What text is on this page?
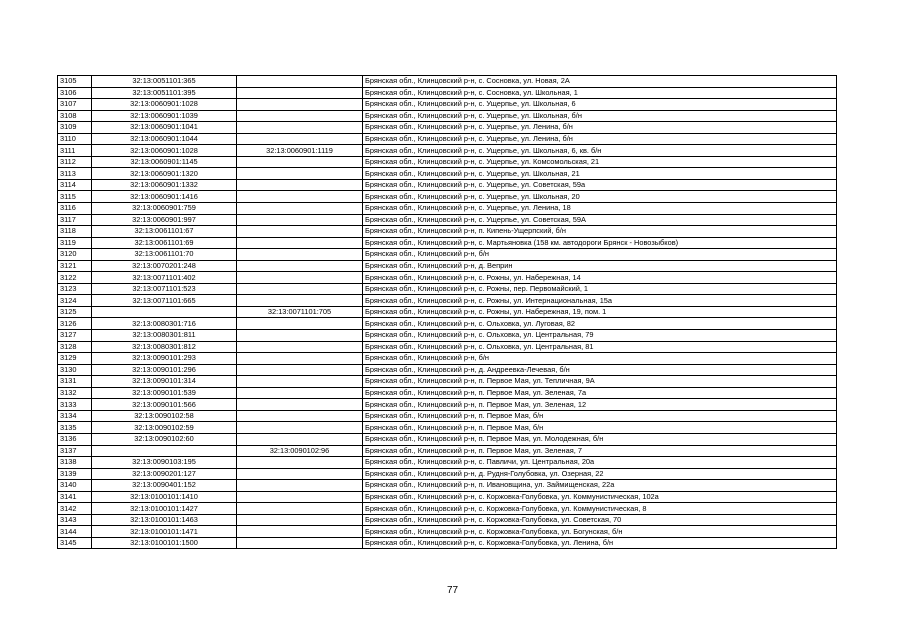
3105	32:13:0051101:365		Брянская обл., Клинцовский р-н, с. Сосновка, ул. Новая, 2А
3106	32:13:0051101:395		Брянская обл., Клинцовский р-н, с. Сосновка, ул. Школьная, 1
3107	32:13:0060901:1028		Брянская обл., Клинцовский р-н, с. Ущерпье, ул. Школьная, 6
3108	32:13:0060901:1039		Брянская обл., Клинцовский р-н, с. Ущерпье, ул. Школьная, б/н
3109	32:13:0060901:1041		Брянская обл., Клинцовский р-н, с. Ущерпье, ул. Ленина, б/н
3110	32:13:0060901:1044		Брянская обл., Клинцовский р-н, с. Ущерпье, ул. Ленина, б/н
3111	32:13:0060901:1028	32:13:0060901:1119	Брянская обл., Клинцовский р-н, с. Ущерпье, ул. Школьная, 6, кв. б/н
3112	32:13:0060901:1145		Брянская обл., Клинцовский р-н, с. Ущерпье, ул. Комсомольская, 21
3113	32:13:0060901:1320		Брянская обл., Клинцовский р-н, с. Ущерпье, ул. Школьная, 21
3114	32:13:0060901:1332		Брянская обл., Клинцовский р-н, с. Ущерпье, ул. Советская, 59а
3115	32:13:0060901:1416		Брянская обл., Клинцовский р-н, с. Ущерпье, ул. Школьная, 20
3116	32:13:0060901:759		Брянская обл., Клинцовский р-н, с. Ущерпье, ул. Ленина, 18
3117	32:13:0060901:997		Брянская обл., Клинцовский р-н, с. Ущерпье, ул. Советская, 59А
3118	32:13:0061101:67		Брянская обл., Клинцовский р-н, п. Кипень-Ущерпский, б/н
3119	32:13:0061101:69		Брянская обл., Клинцовский р-н, с. Мартьяновка (158 км. автодороги Брянск - Новозыбков)
3120	32:13:0061101:70		Брянская обл., Клинцовский р-н, б/н
3121	32:13:0070201:248		Брянская обл., Клинцовский р-н, д. Веприн
3122	32:13:0071101:402		Брянская обл., Клинцовский р-н, с. Рожны, ул. Набережная, 14
3123	32:13:0071101:523		Брянская обл., Клинцовский р-н, с. Рожны, пер. Первомайский, 1
3124	32:13:0071101:665		Брянская обл., Клинцовский р-н, с. Рожны, ул. Интернациональная, 15а
3125		32:13:0071101:705	Брянская обл., Клинцовский р-н, с. Рожны, ул. Набережная, 19, пом. 1
3126	32:13:0080301:716		Брянская обл., Клинцовский р-н, с. Ольховка, ул. Луговая, 82
3127	32:13:0080301:811		Брянская обл., Клинцовский р-н, с. Ольховка, ул. Центральная, 79
3128	32:13:0080301:812		Брянская обл., Клинцовский р-н, с. Ольховка, ул. Центральная, 81
3129	32:13:0090101:293		Брянская обл., Клинцовский р-н, б/н
3130	32:13:0090101:296		Брянская обл., Клинцовский р-н, д. Андреевка-Лечевая, б/н
3131	32:13:0090101:314		Брянская обл., Клинцовский р-н, п. Первое Мая, ул. Тепличная, 9А
3132	32:13:0090101:539		Брянская обл., Клинцовский р-н, п. Первое Мая, ул. Зеленая, 7а
3133	32:13:0090101:566		Брянская обл., Клинцовский р-н, п. Первое Мая, ул. Зеленая, 12
3134	32:13:0090102:58		Брянская обл., Клинцовский р-н, п. Первое Мая, б/н
3135	32:13:0090102:59		Брянская обл., Клинцовский р-н, п. Первое Мая, б/н
3136	32:13:0090102:60		Брянская обл., Клинцовский р-н, п. Первое Мая, ул. Молодежная, б/н
3137		32:13:0090102:96	Брянская обл., Клинцовский р-н, п. Первое Мая, ул. Зеленая, 7
3138	32:13:0090103:195		Брянская обл., Клинцовский р-н, с. Павличи, ул. Центральная, 20а
3139	32:13:0090201:127		Брянская обл., Клинцовский р-н, д. Рудня-Голубовка, ул. Озерная, 22
3140	32:13:0090401:152		Брянская обл., Клинцовский р-н, п. Ивановщина, ул. Займищенская, 22а
3141	32:13:0100101:1410		Брянская обл., Клинцовский р-н, с. Коржовка-Голубовка, ул. Коммунистическая, 102а
3142	32:13:0100101:1427		Брянская обл., Клинцовский р-н, с. Коржовка-Голубовка, ул. Коммунистическая, 8
3143	32:13:0100101:1463		Брянская обл., Клинцовский р-н, с. Коржовка-Голубовка, ул. Советская, 70
3144	32:13:0100101:1471		Брянская обл., Клинцовский р-н, с. Коржовка-Голубовка, ул. Богунская, б/н
3145	32:13:0100101:1500		Брянская обл., Клинцовский р-н, с. Коржовка-Голубовка, ул. Ленина, б/н
77
